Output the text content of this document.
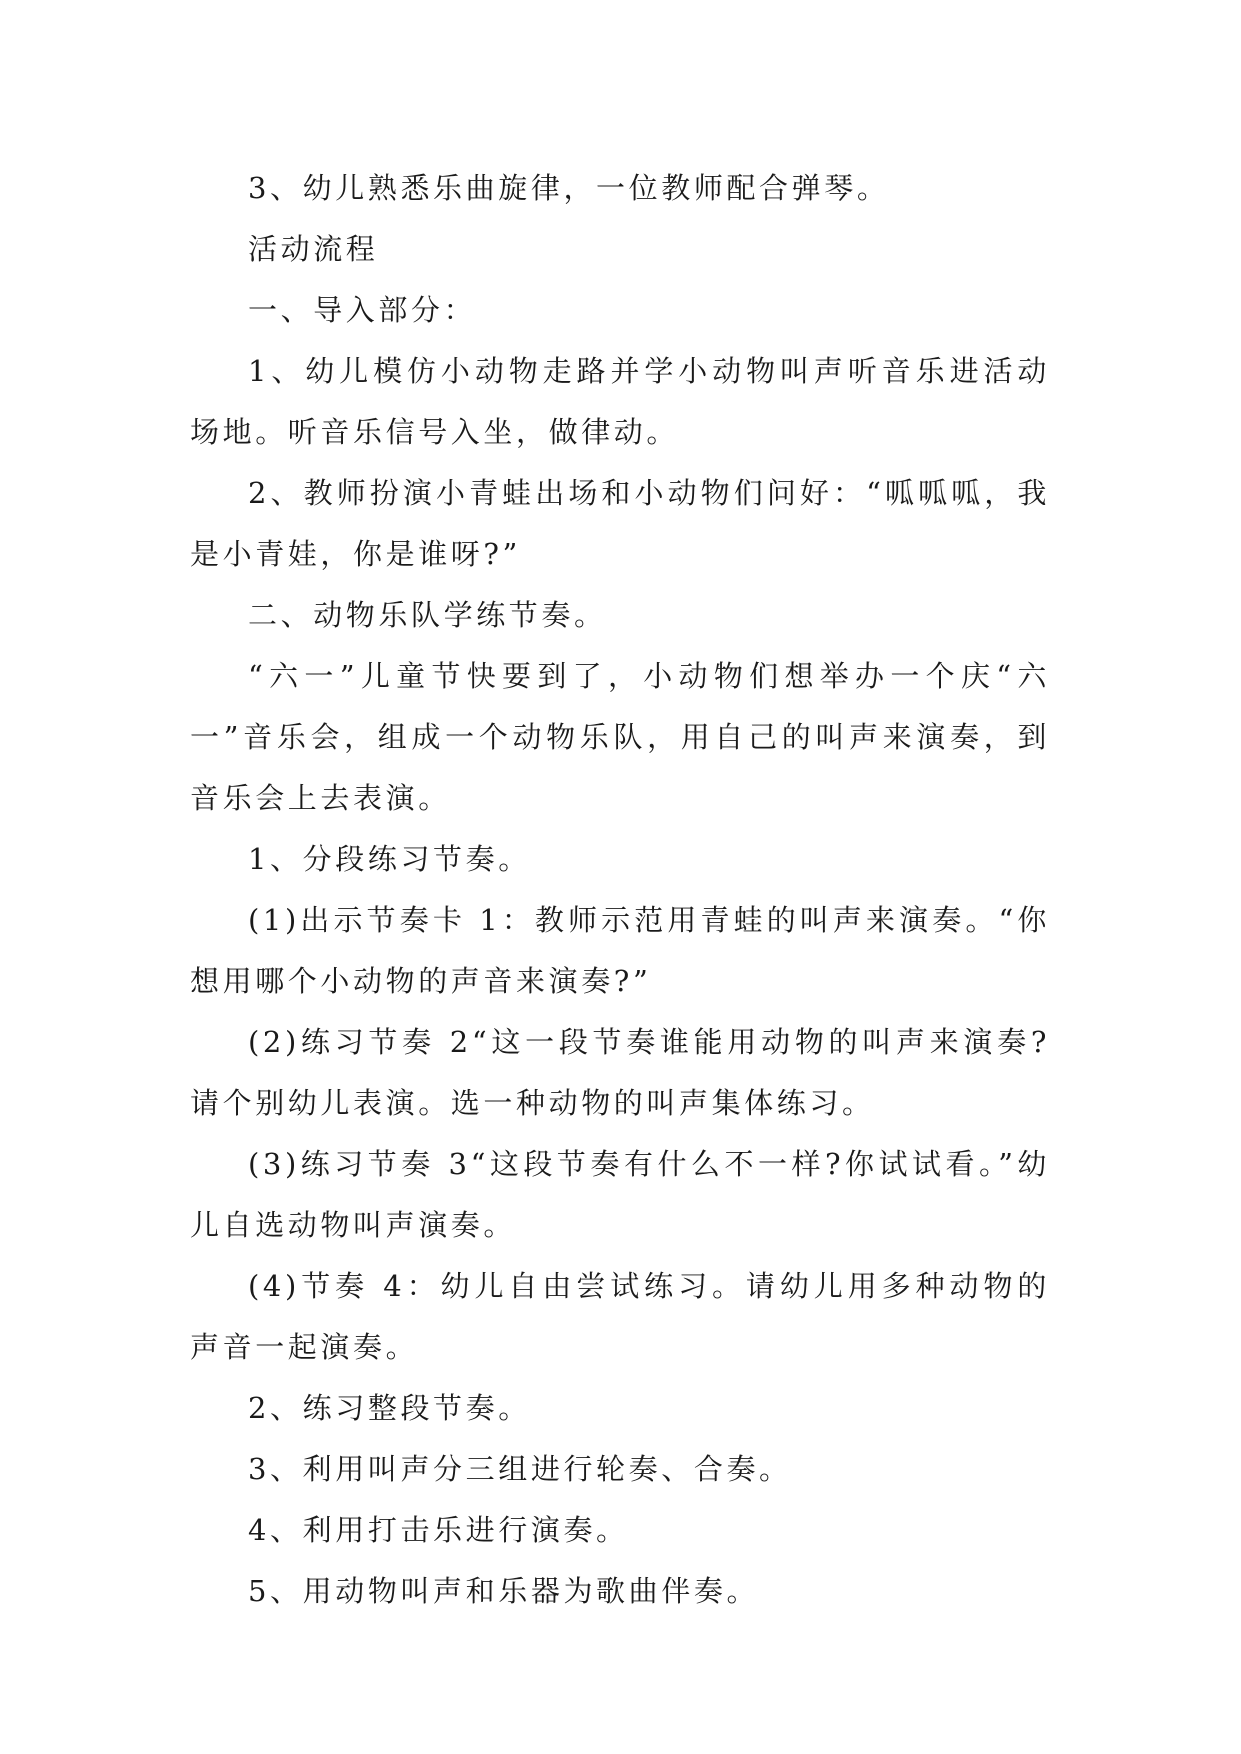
3、幼儿熟悉乐曲旋律，一位教师配合弹琴。

活动流程

一、导入部分：

1、幼儿模仿小动物走路并学小动物叫声听音乐进活动场地。听音乐信号入坐，做律动。

2、教师扮演小青蛙出场和小动物们问好：“呱呱呱，我是小青娃，你是谁呀?”

二、动物乐队学练节奏。

“六一”儿童节快要到了，小动物们想举办一个庆“六一”音乐会，组成一个动物乐队，用自己的叫声来演奏，到音乐会上去表演。

1、分段练习节奏。

(1)出示节奏卡 1：教师示范用青蛙的叫声来演奏。“你想用哪个小动物的声音来演奏?”

(2)练习节奏 2“这一段节奏谁能用动物的叫声来演奏?请个别幼儿表演。选一种动物的叫声集体练习。

(3)练习节奏 3“这段节奏有什么不一样?你试试看。”幼儿自选动物叫声演奏。

(4)节奏 4：幼儿自由尝试练习。请幼儿用多种动物的声音一起演奏。

2、练习整段节奏。

3、利用叫声分三组进行轮奏、合奏。

4、利用打击乐进行演奏。

5、用动物叫声和乐器为歌曲伴奏。
